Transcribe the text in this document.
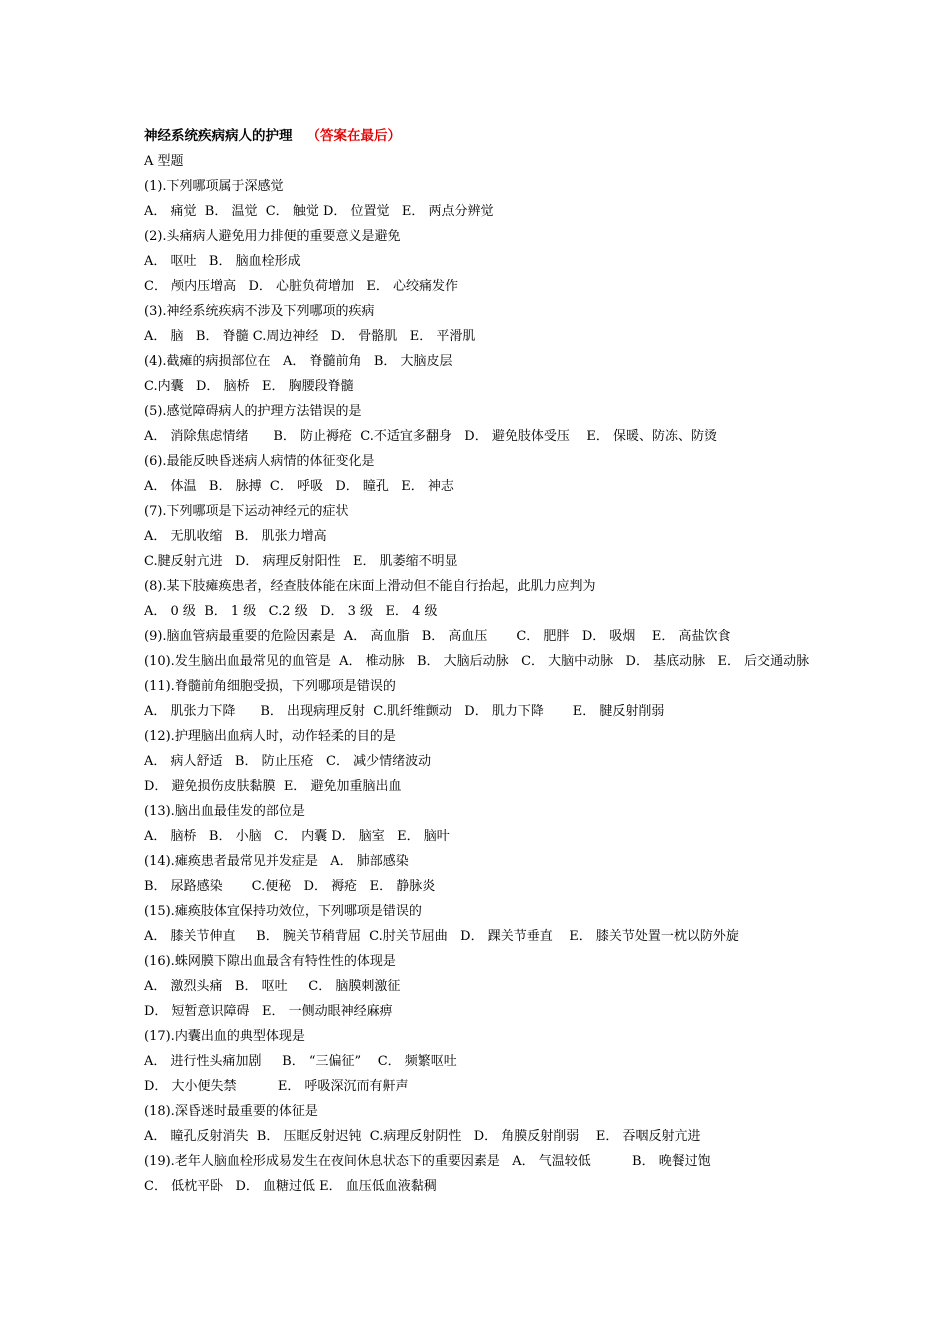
神经系统疾病病人的护理 （答案在最后）
A 型题
(1).下列哪项属于深感觉
A． 痛觉  B． 温觉  C． 触觉 D． 位置觉   E． 两点分辨觉
(2).头痛病人避免用力排便的重要意义是避免
A． 呕吐   B． 脑血栓形成
C． 颅内压增高   D． 心脏负荷增加   E． 心绞痛发作
(3).神经系统疾病不涉及下列哪项的疾病
A． 脑   B． 脊髓 C.周边神经   D． 骨骼肌   E． 平滑肌
(4).截瘫的病损部位在   A． 脊髓前角   B． 大脑皮层
C.内囊   D． 脑桥   E． 胸腰段脊髓
(5).感觉障碍病人的护理方法错误的是
A． 消除焦虑情绪      B． 防止褥疮  C.不适宜多翻身   D． 避免肢体受压    E． 保暖、防冻、防烫
(6).最能反映昏迷病人病情的体征变化是
A． 体温   B． 脉搏  C． 呼吸   D． 瞳孔   E． 神志
(7).下列哪项是下运动神经元的症状
A． 无肌收缩   B． 肌张力增高
C.腱反射亢进   D． 病理反射阳性   E． 肌萎缩不明显
(8).某下肢瘫痪患者，经查肢体能在床面上滑动但不能自行抬起，此肌力应判为
A． 0 级  B． 1 级   C.2 级   D． 3 级   E． 4 级
(9).脑血管病最重要的危险因素是  A． 高血脂   B． 高血压       C． 肥胖   D． 吸烟    E． 高盐饮食
(10).发生脑出血最常见的血管是  A． 椎动脉   B． 大脑后动脉   C． 大脑中动脉   D． 基底动脉   E． 后交通动脉
(11).脊髓前角细胞受损，下列哪项是错误的
A． 肌张力下降      B． 出现病理反射  C.肌纤维颤动   D． 肌力下降       E． 腱反射削弱
(12).护理脑出血病人时，动作轻柔的目的是
A． 病人舒适   B． 防止压疮   C． 减少情绪波动
D． 避免损伤皮肤黏膜  E． 避免加重脑出血
(13).脑出血最佳发的部位是
A． 脑桥   B． 小脑   C． 内囊 D． 脑室   E． 脑叶
(14).瘫痪患者最常见并发症是   A． 肺部感染
B． 尿路感染       C.便秘   D． 褥疮   E． 静脉炎
(15).瘫痪肢体宜保持功效位，下列哪项是错误的
A． 膝关节伸直     B． 腕关节稍背屈  C.肘关节屈曲   D． 踝关节垂直    E． 膝关节处置一枕以防外旋
(16).蛛网膜下隙出血最含有特性性的体现是
A． 激烈头痛   B． 呕吐     C． 脑膜刺激征
D． 短暂意识障碍   E． 一侧动眼神经麻痹
(17).内囊出血的典型体现是
A． 进行性头痛加剧     B． “三偏征”    C． 频繁呕吐
D． 大小便失禁          E． 呼吸深沉而有鼾声
(18).深昏迷时最重要的体征是
A． 瞳孔反射消失  B． 压眶反射迟钝  C.病理反射阴性   D． 角膜反射削弱    E． 吞咽反射亢进
(19).老年人脑血栓形成易发生在夜间休息状态下的重要因素是   A． 气温较低          B． 晚餐过饱
C． 低枕平卧   D． 血糖过低 E． 血压低血液黏稠
